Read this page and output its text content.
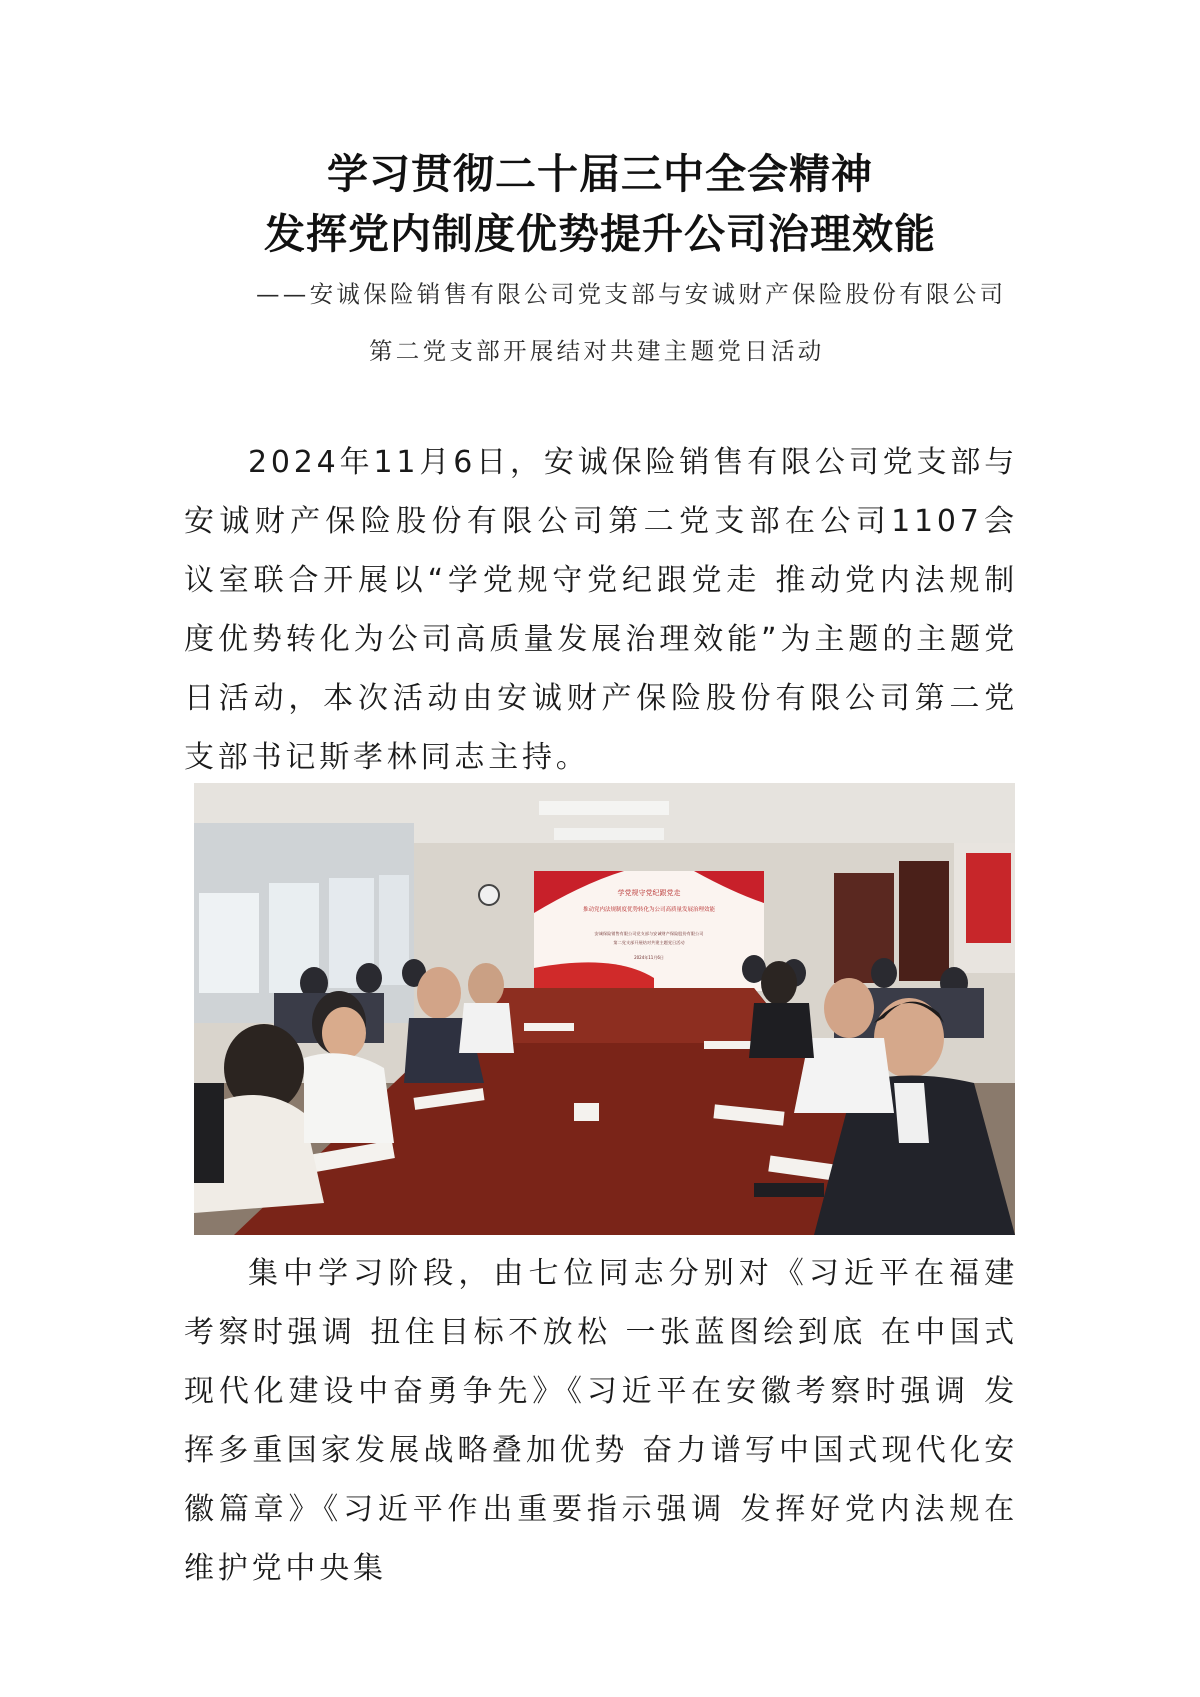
学习贯彻二十届三中全会精神
发挥党内制度优势提升公司治理效能
——安诚保险销售有限公司党支部与安诚财产保险股份有限公司
第二党支部开展结对共建主题党日活动
2024年11月6日，安诚保险销售有限公司党支部与安诚财产保险股份有限公司第二党支部在公司1107会议室联合开展以“学党规守党纪跟党走 推动党内法规制度优势转化为公司高质量发展治理效能”为主题的主题党日活动，本次活动由安诚财产保险股份有限公司第二党支部书记斯孝林同志主持。
学党规守党纪跟党走
推动党内法规制度优势转化为公司高质量发展治理效能
安诚保险销售有限公司党支部与安诚财产保险股份有限公司
第二党支部开展结对共建主题党日活动
2024年11月6日
集中学习阶段，由七位同志分别对《习近平在福建考察时强调 扭住目标不放松 一张蓝图绘到底 在中国式现代化建设中奋勇争先》《习近平在安徽考察时强调 发挥多重国家发展战略叠加优势 奋力谱写中国式现代化安徽篇章》《习近平作出重要指示强调 发挥好党内法规在维护党中央集
